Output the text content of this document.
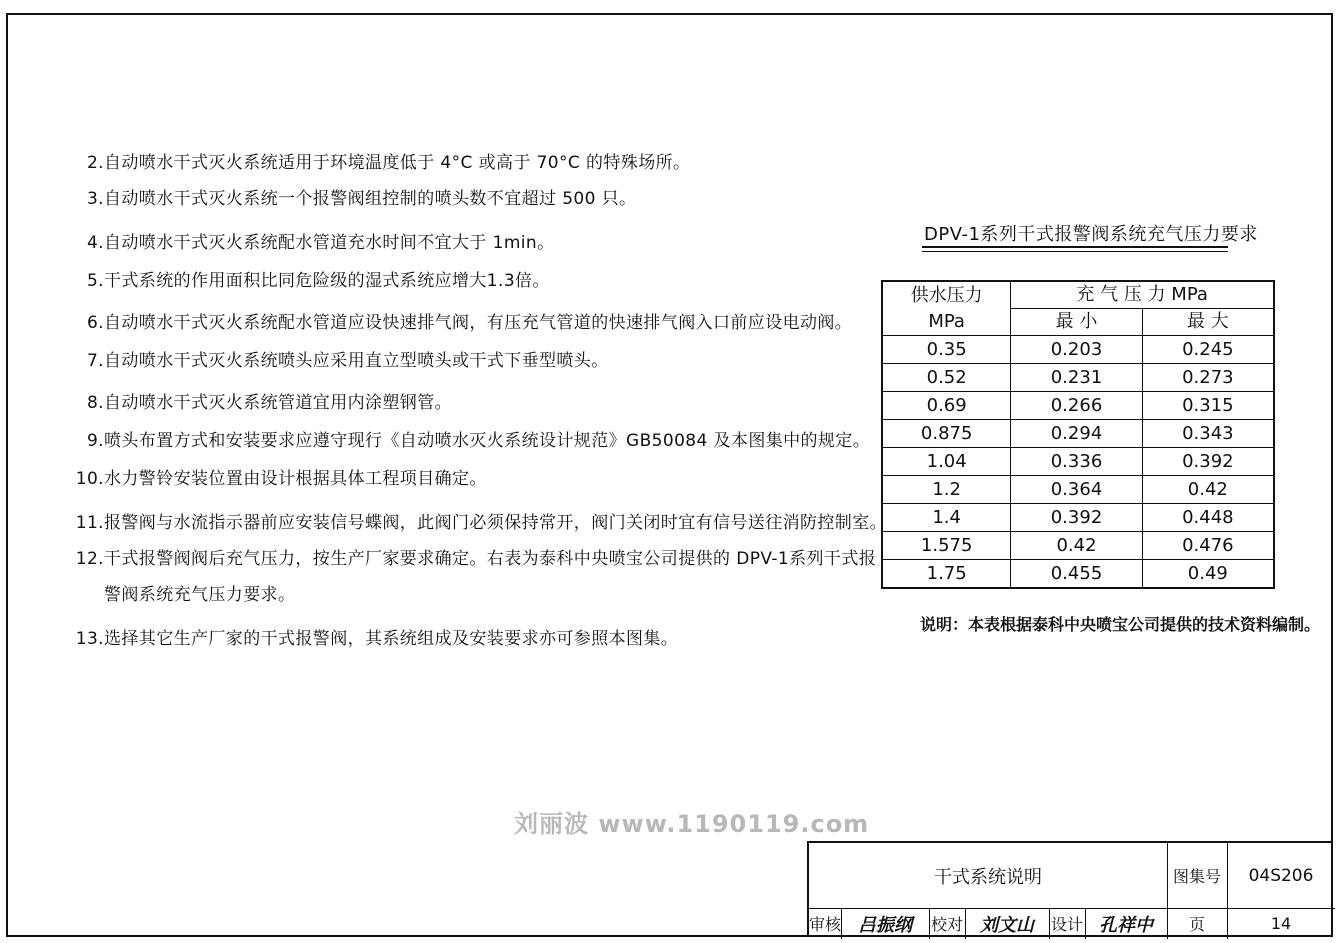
2.自动喷水干式灭火系统适用于环境温度低于 4°C 或高于 70°C 的特殊场所。
3.自动喷水干式灭火系统一个报警阀组控制的喷头数不宜超过 500 只。
4.自动喷水干式灭火系统配水管道充水时间不宜大于 1min。
5.干式系统的作用面积比同危险级的湿式系统应增大1.3倍。
6.自动喷水干式灭火系统配水管道应设快速排气阀，有压充气管道的快速排气阀入口前应设电动阀。
7.自动喷水干式灭火系统喷头应采用直立型喷头或干式下垂型喷头。
8.自动喷水干式灭火系统管道宜用内涂塑钢管。
9.喷头布置方式和安装要求应遵守现行《自动喷水灭火系统设计规范》GB50084 及本图集中的规定。
10.水力警铃安装位置由设计根据具体工程项目确定。
11.报警阀与水流指示器前应安装信号蝶阀，此阀门必须保持常开，阀门关闭时宜有信号送往消防控制室。
12.干式报警阀阀后充气压力，按生产厂家要求确定。右表为泰科中央喷宝公司提供的 DPV-1系列干式报
警阀系统充气压力要求。
13.选择其它生产厂家的干式报警阀，其系统组成及安装要求亦可参照本图集。
DPV-1系列干式报警阀系统充气压力要求
供水压力
MPa	充 气 压 力 MPa	
	最 小	最 大
0.35	0.203	0.245
0.52	0.231	0.273
0.69	0.266	0.315
0.875	0.294	0.343
1.04	0.336	0.392
1.2	0.364	0.42
1.4	0.392	0.448
1.575	0.42	0.476
1.75	0.455	0.49
说明：本表根据泰科中央喷宝公司提供的技术资料编制。
刘丽波 www.1190119.com
干式系统说明	图集号	04S206
审核 吕振纲	校对 刘文山	设计 孔祥中	页	14
